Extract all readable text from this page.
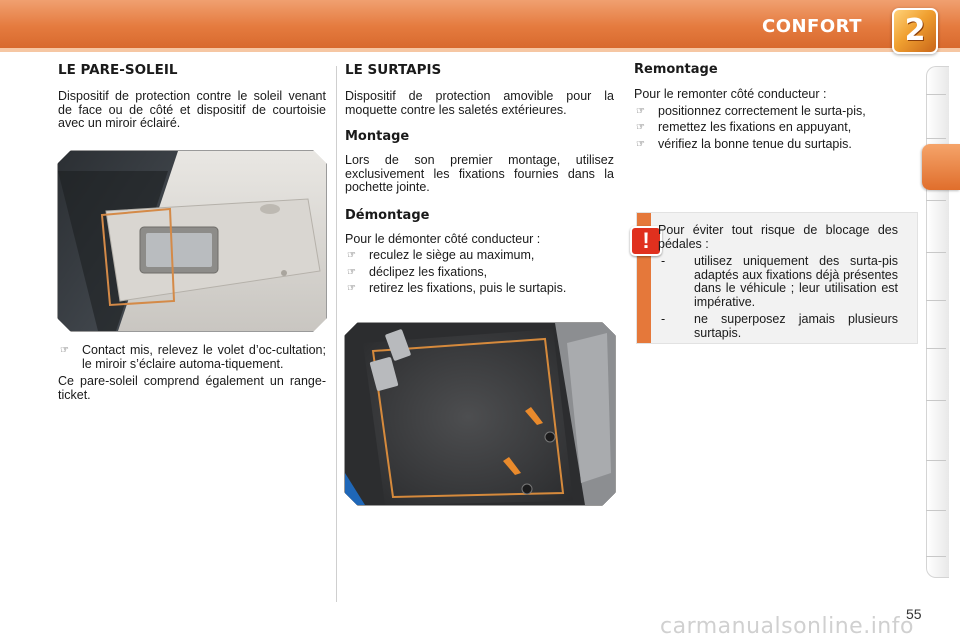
CONFORT	2
LE PARE-SOLEIL

Dispositif de protection contre le soleil venant de face ou de côté et dispositif de courtoisie avec un miroir éclairé.

☞ Contact mis, relevez le volet d’oc-cultation; le miroir s’éclaire automa-tiquement.

Ce pare-soleil comprend également un range-ticket.

LE SURTAPIS

Dispositif de protection amovible pour la moquette contre les saletés extérieures.

Montage

Lors de son premier montage, utilisez exclusivement les fixations fournies dans la pochette jointe.

Démontage

Pour le démonter côté conducteur :

☞ reculez le siège au maximum,
☞ déclipez les fixations,
☞ retirez les fixations, puis le surtapis.
Remontage

Pour le remonter côté conducteur :

☞ positionnez correctement le surta-pis,
☞ remettez les fixations en appuyant,
☞ vérifiez la bonne tenue du surtapis.
! Pour éviter tout risque de blocage des pédales :

- utilisez uniquement des surta-pis adaptés aux fixations déjà présentes dans le véhicule ; leur utilisation est impérative.
- ne superposez jamais plusieurs surtapis.
55
carmanualsonline.info
